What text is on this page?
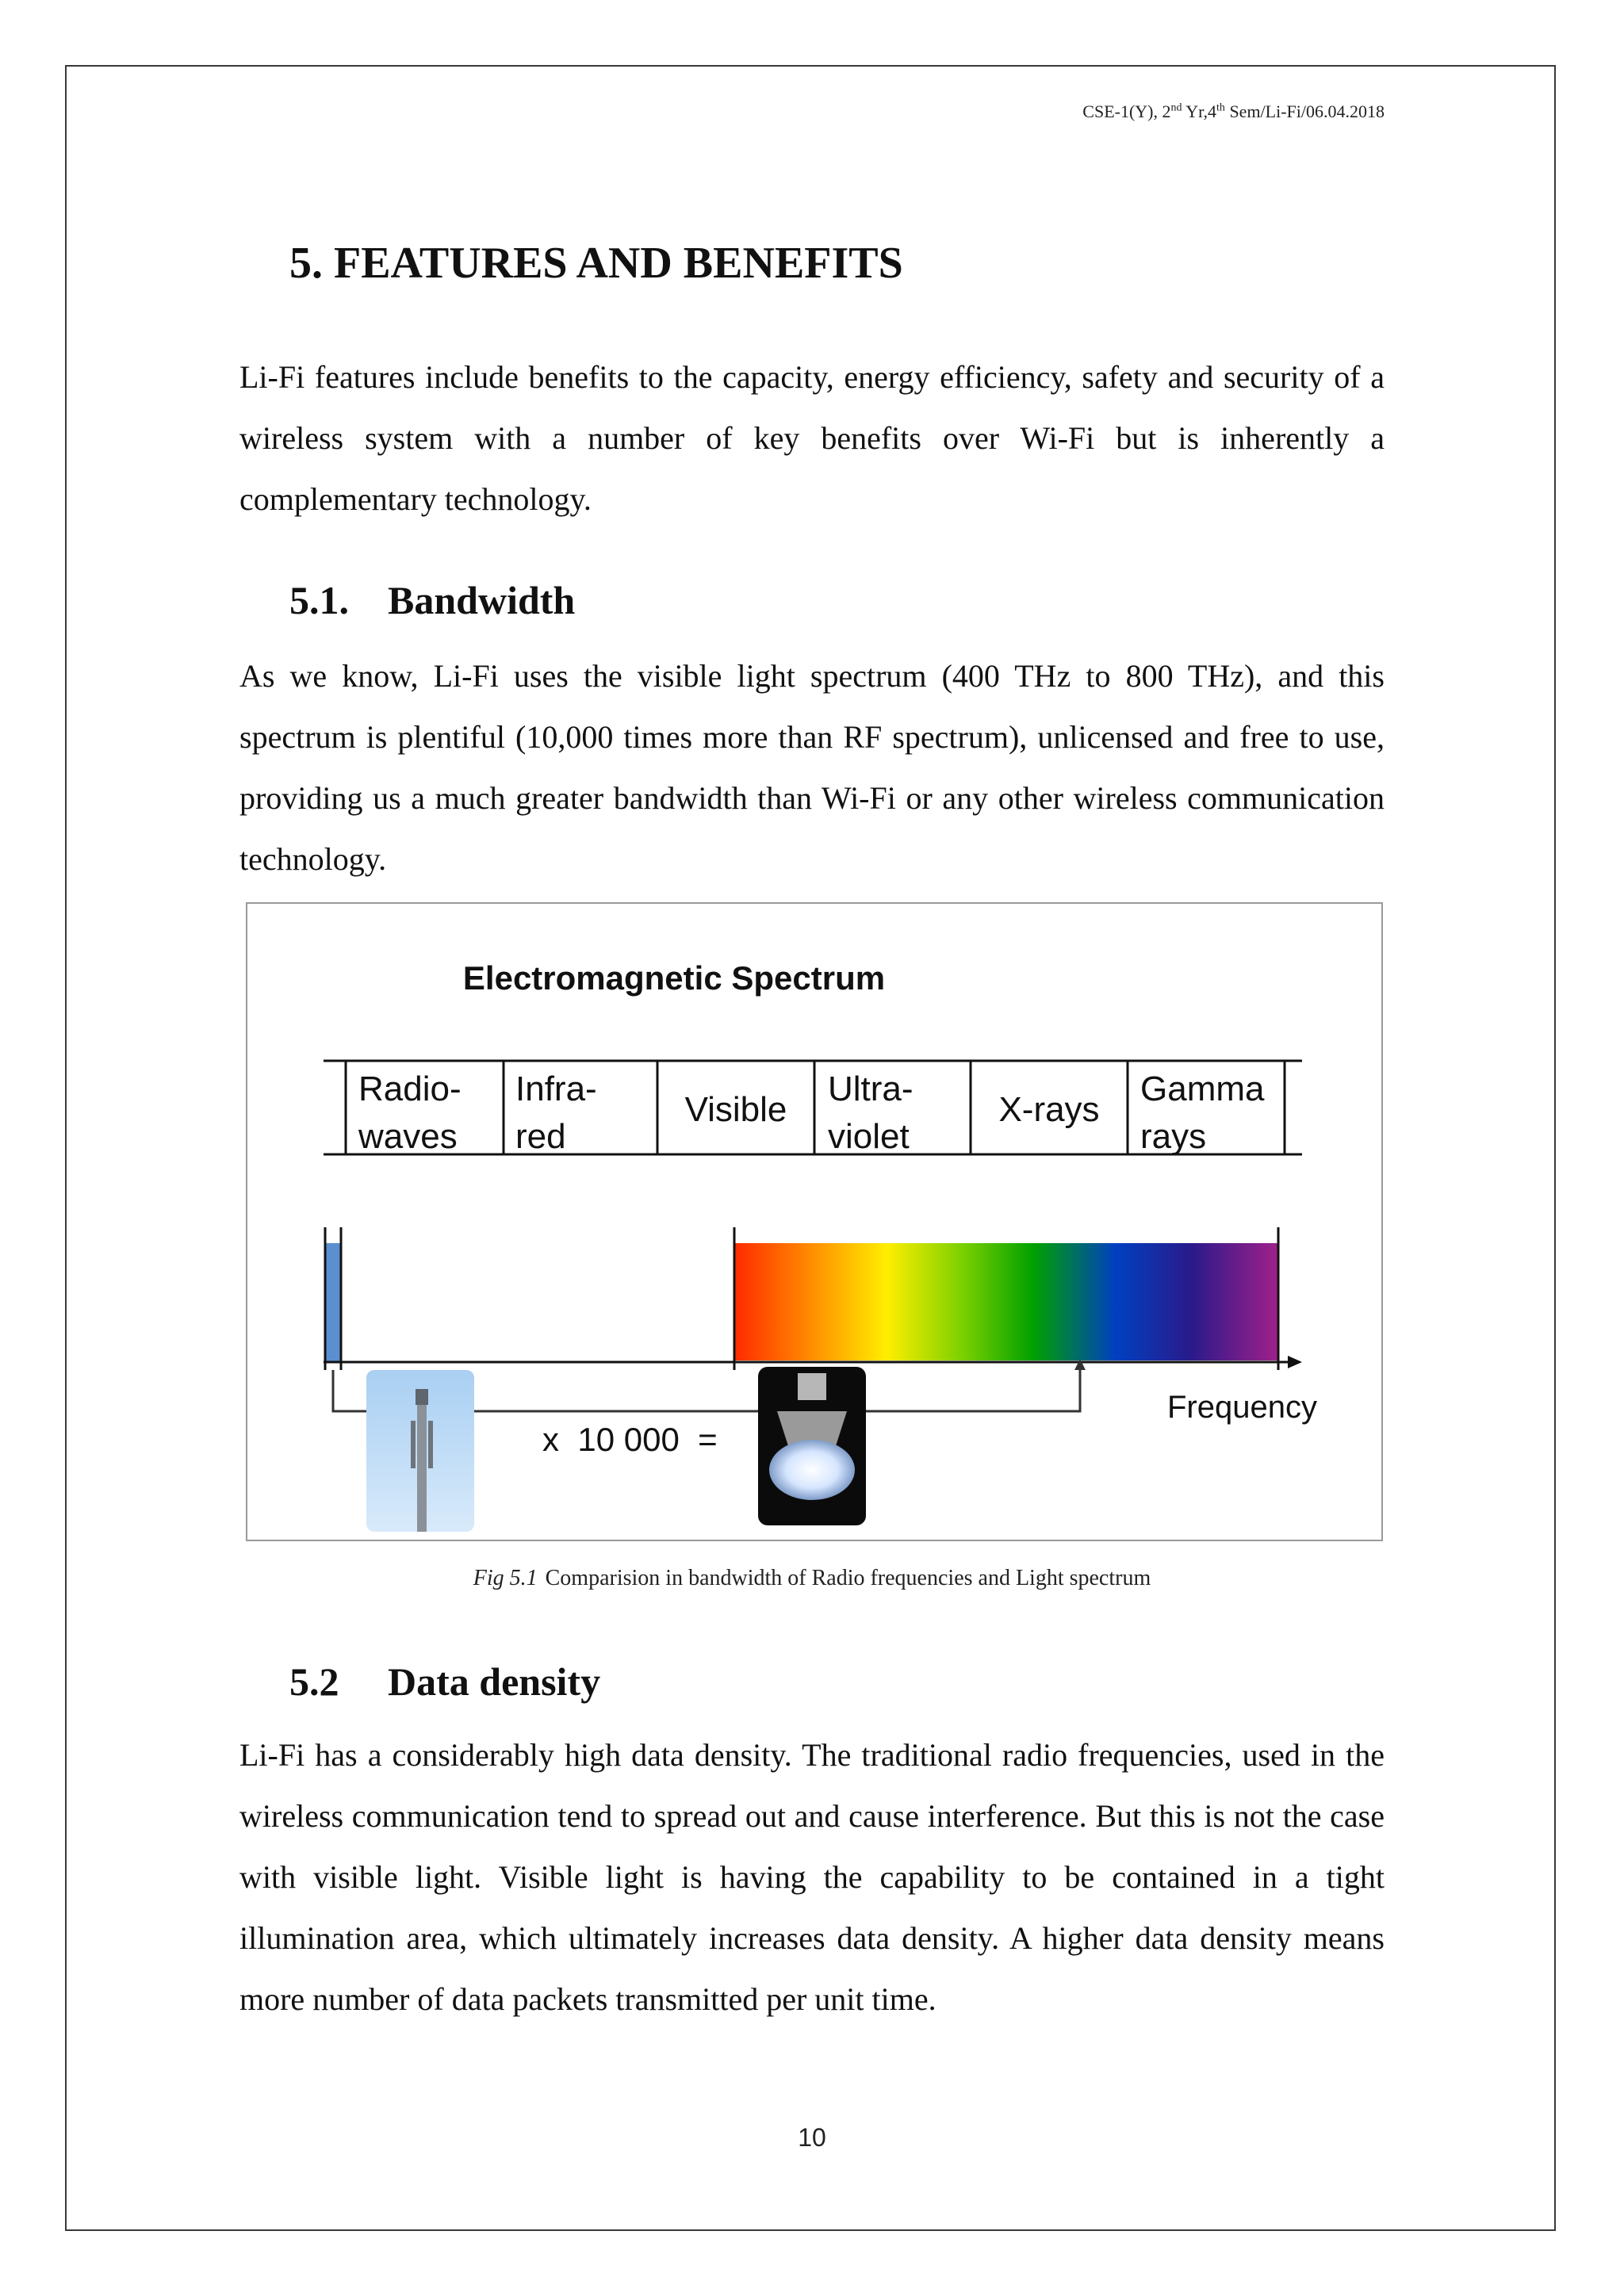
CSE-1(Y), 2nd Yr,4th Sem/Li-Fi/06.04.2018
5. FEATURES AND BENEFITS

Li-Fi features include benefits to the capacity, energy efficiency, safety and security of a wireless system with a number of key benefits over Wi-Fi but is inherently a complementary technology.

5.1. Bandwidth

As we know, Li-Fi uses the visible light spectrum (400 THz to 800 THz), and this spectrum is plentiful (10,000 times more than RF spectrum), unlicensed and free to use, providing us a much greater bandwidth than Wi-Fi or any other wireless communication technology.

Electromagnetic Spectrum
Radio-
waves
Infra-
red
Visible
Ultra-
violet
X-rays
Gamma
rays
Frequency
x  10 000  =
Fig 5.1 Comparision in bandwidth of Radio frequencies and Light spectrum
5.2 Data density

Li-Fi has a considerably high data density. The traditional radio frequencies, used in the wireless communication tend to spread out and cause interference. But this is not the case with visible light. Visible light is having the capability to be contained in a tight illumination area, which ultimately increases data density. A higher data density means more number of data packets transmitted per unit time.

10
